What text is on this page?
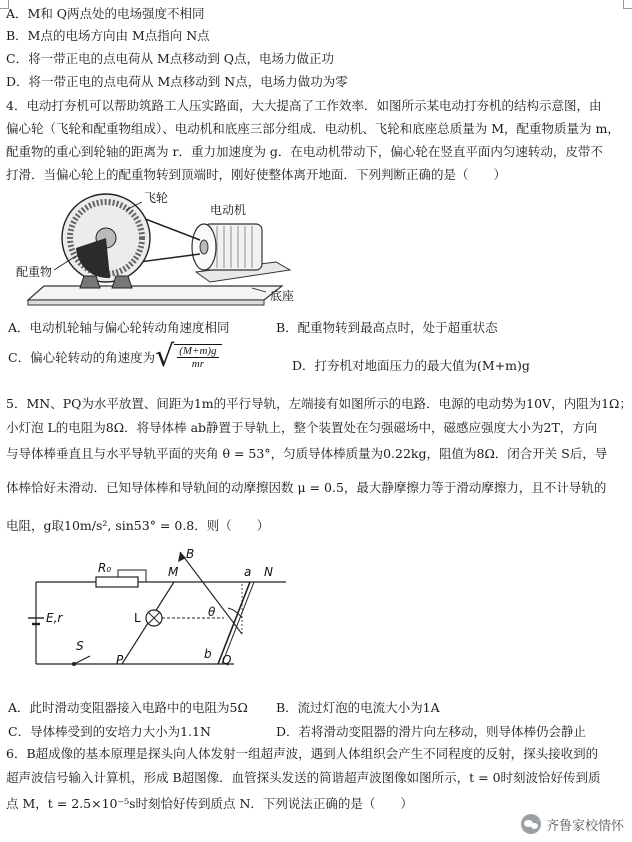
A．M和 Q两点处的电场强度不相同
B．M点的电场方向由 M点指向 N点
C．将一带正电的点电荷从 M点移动到 Q点，电场力做正功
D．将一带正电的点电荷从 M点移动到 N点，电场力做功为零
4．电动打夯机可以帮助筑路工人压实路面，大大提高了工作效率．如图所示某电动打夯机的结构示意图，由
偏心轮（飞轮和配重物组成）、电动机和底座三部分组成．电动机、飞轮和底座总质量为 M，配重物质量为 m，
配重物的重心到轮轴的距离为 r．重力加速度为 g．在电动机带动下，偏心轮在竖直平面内匀速转动，皮带不
打滑．当偏心轮上的配重物转到顶端时，刚好使整体离开地面．下列判断正确的是（　　）
飞轮
电动机
配重物
底座
A．电动机轮轴与偏心轮转动角速度相同	B．配重物转到最高点时，处于超重状态
C．偏心轮转动的角速度为 √ $\frac{(M+m)g}{mr}$	D．打夯机对地面压力的最大值为(M+m)g
5．MN、PQ为水平放置、间距为1m的平行导轨，左端接有如图所示的电路．电源的电动势为10V，内阻为1Ω；
小灯泡 L的电阻为8Ω．将导体棒 ab静置于导轨上，整个装置处在匀强磁场中，磁感应强度大小为2T，方向
与导体棒垂直且与水平导轨平面的夹角 θ = 53°，匀质导体棒质量为0.22kg，阻值为8Ω．闭合开关 S后，导
体棒恰好未滑动．已知导体棒和导轨间的动摩擦因数 μ = 0.5，最大静摩擦力等于滑动摩擦力，且不计导轨的
电阻，g取10m/s², sin53° = 0.8．则（　　）
B
R₀	M	a N
E,r	L	θ
S
b
P	Q
A．此时滑动变阻器接入电路中的电阻为5Ω B．流过灯泡的电流大小为1A
C．导体棒受到的安培力大小为1.1N	D．若将滑动变阻器的滑片向左移动，则导体棒仍会静止
6．B超成像的基本原理是探头向人体发射一组超声波，遇到人体组织会产生不同程度的反射，探头接收到的
超声波信号输入计算机，形成 B超图像．血管探头发送的简谐超声波图像如图所示，t = 0时刻波恰好传到质
点 M，t = 2.5×10⁻⁵s时刻恰好传到质点 N．下列说法正确的是（　　）
齐鲁家校情怀
